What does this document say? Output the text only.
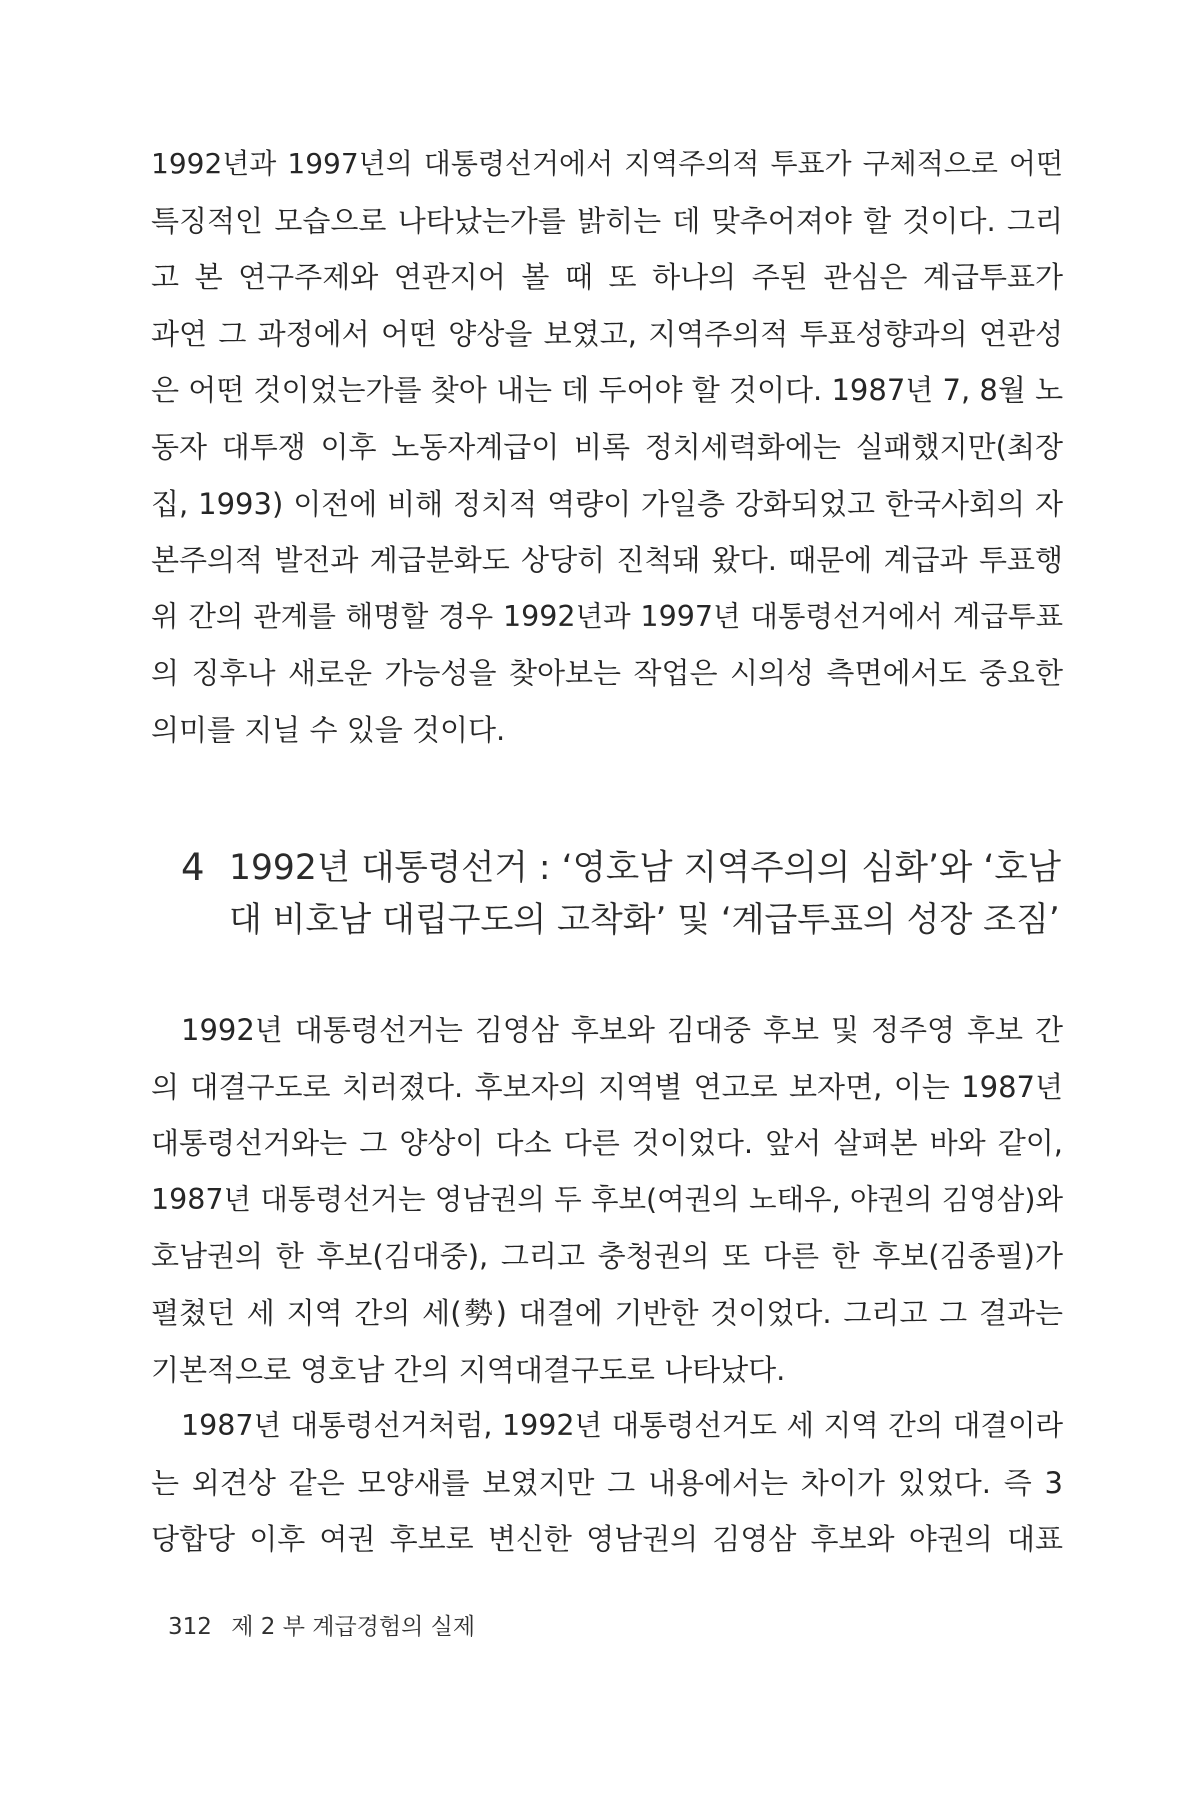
1992년과 1997년의 대통령선거에서 지역주의적 투표가 구체적으로 어떤

특징적인 모습으로 나타났는가를 밝히는 데 맞추어져야 할 것이다. 그리

고 본 연구주제와 연관지어 볼 때 또 하나의 주된 관심은 계급투표가

과연 그 과정에서 어떤 양상을 보였고, 지역주의적 투표성향과의 연관성

은 어떤 것이었는가를 찾아 내는 데 두어야 할 것이다. 1987년 7, 8월 노

동자 대투쟁 이후 노동자계급이 비록 정치세력화에는 실패했지만(최장

집, 1993) 이전에 비해 정치적 역량이 가일층 강화되었고 한국사회의 자

본주의적 발전과 계급분화도 상당히 진척돼 왔다. 때문에 계급과 투표행

위 간의 관계를 해명할 경우 1992년과 1997년 대통령선거에서 계급투표

의 징후나 새로운 가능성을 찾아보는 작업은 시의성 측면에서도 중요한

의미를 지닐 수 있을 것이다.

4 1992년 대통령선거 : ‘영호남 지역주의의 심화’와 ‘호남
대 비호남 대립구도의 고착화’ 및 ‘계급투표의 성장 조짐’

1992년 대통령선거는 김영삼 후보와 김대중 후보 및 정주영 후보 간

의 대결구도로 치러졌다. 후보자의 지역별 연고로 보자면, 이는 1987년

대통령선거와는 그 양상이 다소 다른 것이었다. 앞서 살펴본 바와 같이,

1987년 대통령선거는 영남권의 두 후보(여권의 노태우, 야권의 김영삼)와

호남권의 한 후보(김대중), 그리고 충청권의 또 다른 한 후보(김종필)가

펼쳤던 세 지역 간의 세(勢) 대결에 기반한 것이었다. 그리고 그 결과는

기본적으로 영호남 간의 지역대결구도로 나타났다.

1987년 대통령선거처럼, 1992년 대통령선거도 세 지역 간의 대결이라

는 외견상 같은 모양새를 보였지만 그 내용에서는 차이가 있었다. 즉 3

당합당 이후 여권 후보로 변신한 영남권의 김영삼 후보와 야권의 대표

312 제 2 부 계급경험의 실제
